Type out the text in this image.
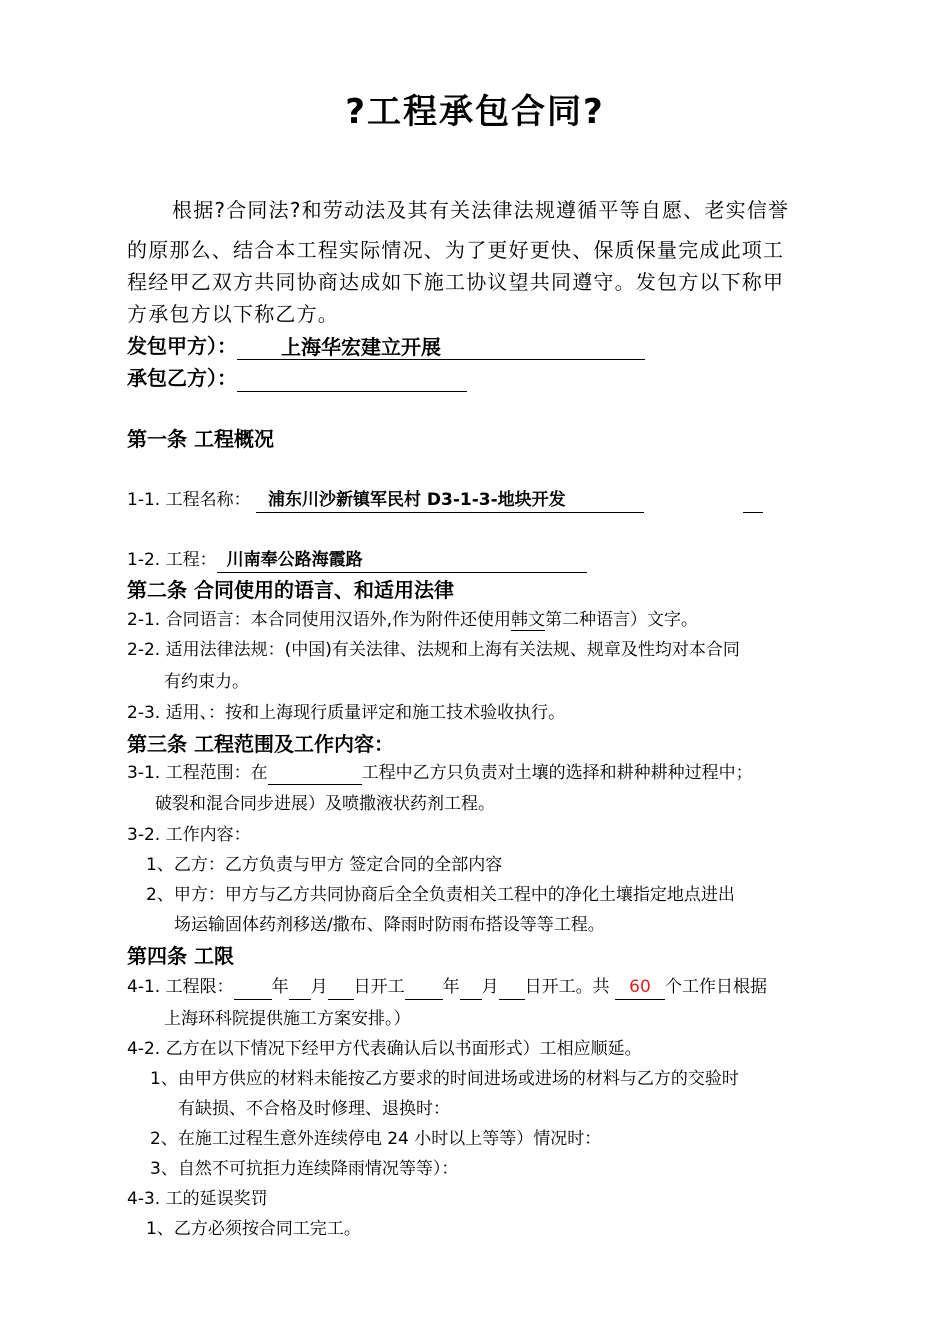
?工程承包合同?
根据?合同法?和劳动法及其有关法律法规遵循平等自愿、老实信誉
的原那么、结合本工程实际情况、为了更好更快、保质保量完成此项工
程经甲乙双方共同协商达成如下施工协议望共同遵守。发包方以下称甲
方承包方以下称乙方。
发包甲方）： 上海华宏建立开展
承包乙方）：
第一条 工程概况
1-1. 工程名称： 浦东川沙新镇军民村 D3-1-3-地块开发
1-2. 工程： 川南奉公路海霞路
第二条 合同使用的语言、和适用法律
2-1. 合同语言：本合同使用汉语外,作为附件还使用韩文第二种语言）文字。
2-2. 适用法律法规：(中国)有关法律、法规和上海有关法规、规章及性均对本合同
有约束力。
2-3. 适用、：按和上海现行质量评定和施工技术验收执行。
第三条 工程范围及工作内容：
3-1. 工程范围：在	工程中乙方只负责对土壤的选择和耕种耕种过程中；
破裂和混合同步进展）及喷撒液状药剂工程。
3-2. 工作内容：
1、乙方：乙方负责与甲方 签定合同的全部内容
2、甲方：甲方与乙方共同协商后全全负责相关工程中的净化土壤指定地点进出
场运输固体药剂移送/撒布、降雨时防雨布搭设等等工程。
第四条 工限
4-1. 工程限： 年 月 日开工 年 月 日开工。共 60 个工作日根据
上海环科院提供施工方案安排。）
4-2. 乙方在以下情况下经甲方代表确认后以书面形式）工相应顺延。
1、由甲方供应的材料未能按乙方要求的时间进场或进场的材料与乙方的交验时
有缺损、不合格及时修理、退换时：
2、在施工过程生意外连续停电 24 小时以上等等）情况时：
3、自然不可抗拒力连续降雨情况等等）：
4-3. 工的延误奖罚
1、乙方必须按合同工完工。
